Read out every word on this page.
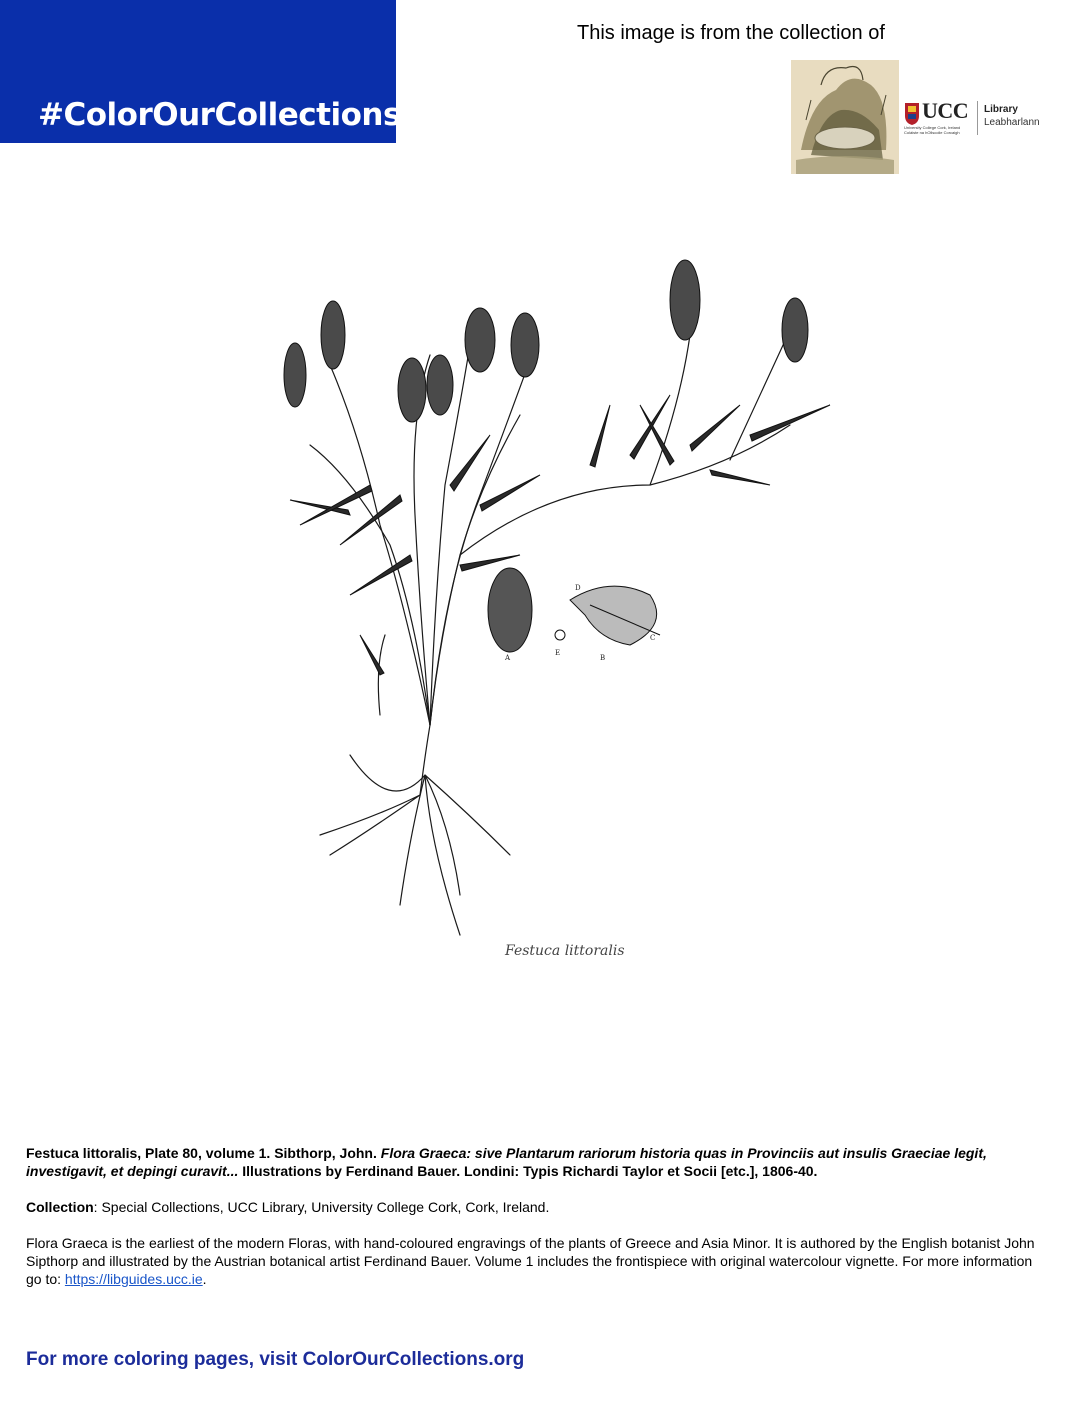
#ColorOurCollections
This image is from the collection of
UCC
University College Cork, Ireland
Coláiste na hOllscoile Corcaigh
Library
Leabharlann
A
E
B
C
D
Festuca littoralis

Festuca littoralis, Plate 80, volume 1. Sibthorp, John. Flora Graeca: sive Plantarum rariorum historia quas in Provinciis aut insulis Graeciae legit, investigavit, et depingi curavit... Illustrations by Ferdinand Bauer. Londini: Typis Richardi Taylor et Socii [etc.], 1806-40.

Collection: Special Collections, UCC Library, University College Cork, Cork, Ireland.

Flora Graeca is the earliest of the modern Floras, with hand-coloured engravings of the plants of Greece and Asia Minor. It is authored by the English botanist John Sipthorp and illustrated by the Austrian botanical artist Ferdinand Bauer. Volume 1 includes the frontispiece with original watercolour vignette. For more information go to: https://libguides.ucc.ie.

For more coloring pages, visit ColorOurCollections.org
